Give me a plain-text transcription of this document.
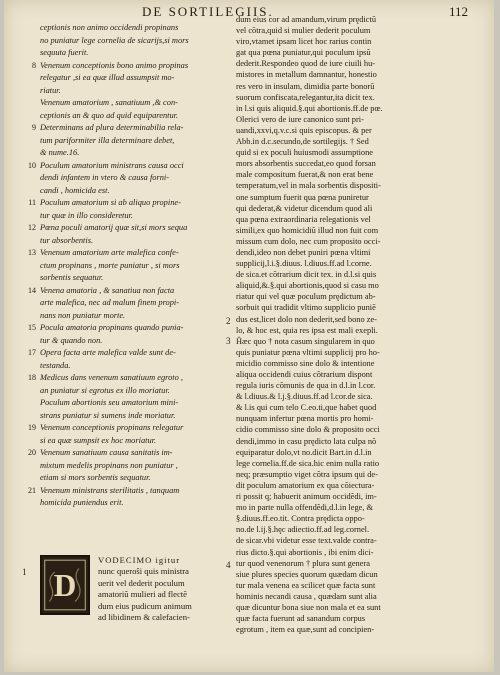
DE SORTILEGIIS.	112
ceptionis non animo occidendi propinans
no puniatur lege cornelia de sicarijs,si mors
sequuta fuerit.
8 Venenum conceptionis bono animo propinas
relegatur ,si ea quæ illud assumpsit mo-
riatur.
Venenum amatorium , sanatiuum ,& con-
ceptionis an & quo ad quid equiparentur.
9 Determinans ad plura determinabilia rela-
tum pariformiter illa determinare debet,
& nume.16.
10 Poculum amatorium ministrans causa occi
dendi infantem in vtero & causa forni-
candi , homicida est.
11 Poculum amatorium si ab aliquo propine-
tur quæ in illo consideretur.
12 Pœna poculi amatorij quæ sit,si mors sequa
tur absorbentis.
13 Venenum amatorium arte malefica confe-
ctum propinans , morte puniatur , si mors
sorbentis sequatur.
14 Venena amatoria , & sanatiua non facta
arte malefica, nec ad malum finem propi-
nans non puniatur morte.
15 Pocula amatoria propinans quando punia-
tur & quando non.
17 Opera facta arte malefica valde sunt de-
testanda.
18 Medicus dans venenum sanatiuum egroto ,
an puniatur si egrotus ex illo moriatur.
Poculum abortionis seu amatorium mini-
strans puniatur si sumens inde moriatur.
19 Venenum conceptionis propinans relegatur
si ea quæ sumpsit ex hoc moriatur.
20 Venenum sanatiuum causa sanitatis im-
mixtum medelis propinans non puniatur ,
etiam si mors sorbentis sequatur.
21 Venenum ministrans sterilitatis , tanquam
homicida puniendus erit.
1 D
VODECIMO igitur
nunc queroŝi quis ministra
uerit vel dederit poculum
amatoriũ mulieri ad flectẽ
dum eius pudicum animum
ad libidinem & calefacien-
dum eius cor ad amandum,virum prędictũ
vel cõtra,quid si mulier dederit poculum
viro,vtamet ipsam licet hoc rarius contin
gat qua pœna puniatur,qui poculum ipsũ
dederit.Respondeo quod de iure ciuili hu-
mistores in metallum damnantur, honestio
res vero in insulam, dimidia parte bonorũ
suorum confiscata,relegantur,ita dicit tex.
in l.si quis aliquid.§.qui abortionis.ff.de pœ.
Olerici vero de iure canonico sunt pri-
uandi,xxvi,q.v.c.si quis episcopus. & per
Abb.in d.c.secundo,de sortilegijs. † Sed
quid si ex poculi huiusmodi assumptione
mors absorbentis succedat,eo quod forsan
male compositum fuerat,& non erat bene
temperatum,vel in mala sorbentis dispositi-
one sumptum fuerit qua pœna puniretur
qui dederat,& videtur dicendum quod ali
qua pœna extraordinaria relegationis vel
simili,ex quo homicidiũ illud non fuit com
missum cum dolo, nec cum proposito occi-
dendi,ideo non debet puniri pœna vltimi
supplicij,l.i.§.diuus. l.diuus.ff.ad l.corne.
de sica.et cõtrarium dicit tex. in d.l.si quis
aliquid,&.§.qui abortionis,quod si casu mo
riatur qui vel quæ poculum prędictum ab-
sorbuit qui tradidit vltimo supplicio puniẽ
dus est,licet dolo non dederit,sed bono ze-
lo, & hoc est, quia res ipsa est mali exepli.
Ĥæc quo † nota casum singularem in quo
quis puniatur pœna vltimi supplicij pro ho-
micidio commisso sine dolo & intentione
aliqua occidendi cuius cõtrarium dispont
regula iuris cõmunis de qua in d.l.in l.cor.
& l.diuus.& l.j.§.diuus.ff.ad l.cor.de sica.
& l.is qui cum telo C.eo.ti,que habet quod
nunquam infertur pœna mortis pro homi-
cidio commisso sine dolo & proposito occi
dendi,immo in casu prędicto lata culpa nõ
equiparatur dolo,vt no.dicit Bart.in d.l.in
lege cornelia.ff.de sica.hic enim nulla ratio
neq; præsumptio viget cõtra ipsum qui de-
dit poculum amatorium ex qua cõiectura-
ri possit q; habuerit animum occidẽdi, im-
mo in parte nulla offendẽdi,d.l.in lege, &
§.diuus.ff.eo.tit. Contra prędicta oppo-
no.de l.ij.§.hęc adiectio.ff.ad leg.cornel.
de sicar.vbi videtur esse text.valde contra-
rius dicto.§.qui abortionis , ibi enim dici-
tur quod venenorum † plura sunt genera
siue plures species quorum quædam dicun
tur mala venena ea scilicet quæ facta sunt
hominis necandi causa , quædam sunt alia
quæ dicuntur bona siue non mala et ea sunt
quæ facta fuerunt ad sanandum corpus
egrotum , item ea quæ,sunt ad concipien-
2
3
4
